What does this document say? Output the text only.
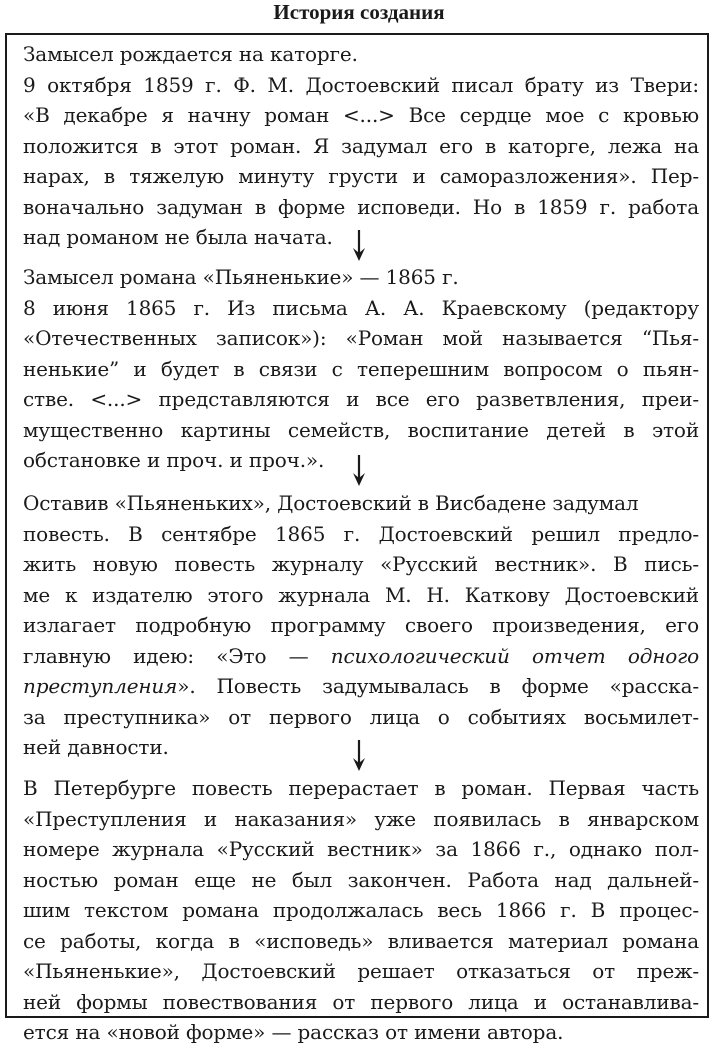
История создания
Замысел рождается на каторге.
9 октября 1859 г. Ф. М. Достоевский писал брату из Твери:
«В декабре я начну роман <...> Все сердце мое с кровью
положится в этот роман. Я задумал его в каторге, лежа на
нарах, в тяжелую минуту грусти и саморазложения». Пер-
воначально задуман в форме исповеди. Но в 1859 г. работа
над романом не была начата.
Замысел романа «Пьяненькие» — 1865 г.
8 июня 1865 г. Из письма А. А. Краевскому (редактору
«Отечественных записок»): «Роман мой называется “Пья-
ненькие” и будет в связи с теперешним вопросом о пьян-
стве. <...> представляются и все его разветвления, преи-
мущественно картины семейств, воспитание детей в этой
обстановке и проч. и проч.».
Оставив «Пьяненьких», Достоевский в Висбадене задумал
повесть. В сентябре 1865 г. Достоевский решил предло-
жить новую повесть журналу «Русский вестник». В пись-
ме к издателю этого журнала М. Н. Каткову Достоевский
излагает подробную программу своего произведения, его
главную идею: «Это — психологический отчет одного
преступления». Повесть задумывалась в форме «расска-
за преступника» от первого лица о событиях восьмилет-
ней давности.
В Петербурге повесть перерастает в роман. Первая часть
«Преступления и наказания» уже появилась в январском
номере журнала «Русский вестник» за 1866 г., однако пол-
ностью роман еще не был закончен. Работа над дальней-
шим текстом романа продолжалась весь 1866 г. В процес-
се работы, когда в «исповедь» вливается материал романа
«Пьяненькие», Достоевский решает отказаться от преж-
ней формы повествования от первого лица и останавлива-
ется на «новой форме» — рассказ от имени автора.
